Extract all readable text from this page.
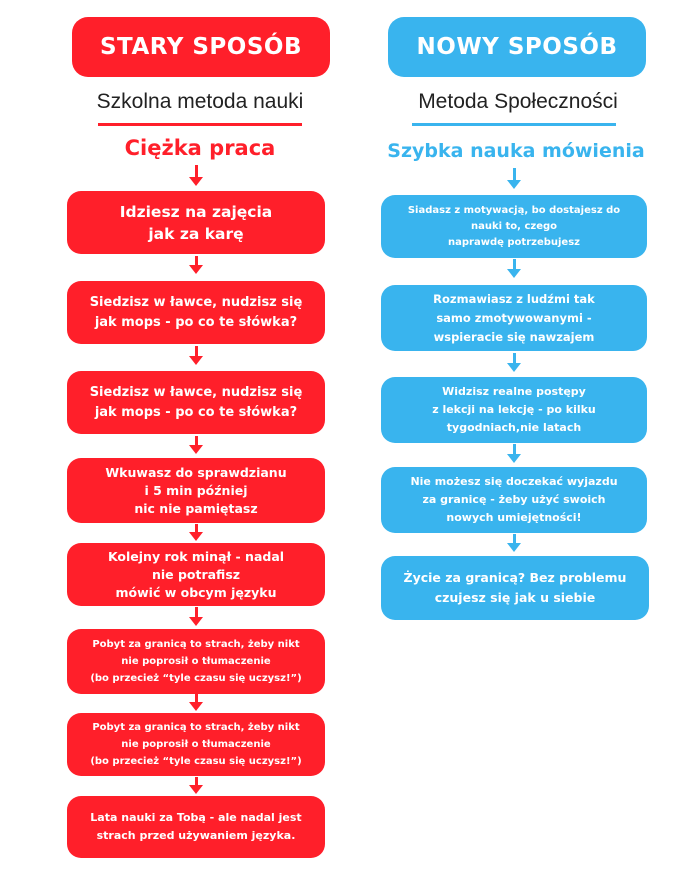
STARY SPOSÓB
Szkolna metoda nauki
Ciężka praca
Idziesz na zajęcia
jak za karę
Siedzisz w ławce, nudzisz się
jak mops - po co te słówka?
Siedzisz w ławce, nudzisz się
jak mops - po co te słówka?
Wkuwasz do sprawdzianu
i 5 min później
nic nie pamiętasz
Kolejny rok minął - nadal
nie potrafisz
mówić w obcym języku
Pobyt za granicą to strach, żeby nikt
nie poprosił o tłumaczenie
(bo przecież “tyle czasu się uczysz!”)
Pobyt za granicą to strach, żeby nikt
nie poprosił o tłumaczenie
(bo przecież “tyle czasu się uczysz!”)
Lata nauki za Tobą - ale nadal jest
strach przed używaniem języka.
NOWY SPOSÓB
Metoda Społeczności
Szybka nauka mówienia
Siadasz z motywacją, bo dostajesz do
nauki to, czego
naprawdę potrzebujesz
Rozmawiasz z ludźmi tak
samo zmotywowanymi -
wspieracie się nawzajem
Widzisz realne postępy
z lekcji na lekcję - po kilku
tygodniach,nie latach
Nie możesz się doczekać wyjazdu
za granicę - żeby użyć swoich
nowych umiejętności!
Życie za granicą? Bez problemu
czujesz się jak u siebie
